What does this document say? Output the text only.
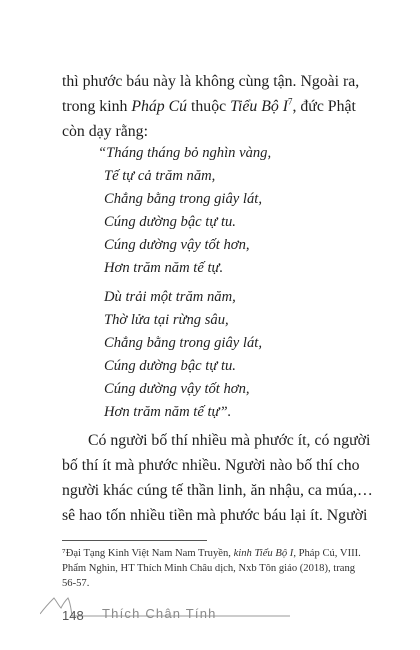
thì phước báu này là không cùng tận. Ngoài ra,
trong kinh Pháp Cú thuộc Tiểu Bộ $I^7$, đức Phật
còn dạy rằng:
“Tháng tháng bỏ nghìn vàng,
Tế tự cả trăm năm,
Chẳng bằng trong giây lát,
Cúng dường bậc tự tu.
Cúng dường vậy tốt hơn,
Hơn trăm năm tế tự.
Dù trải một trăm năm,
Thờ lửa tại rừng sâu,
Chẳng bằng trong giây lát,
Cúng dường bậc tự tu.
Cúng dường vậy tốt hơn,
Hơn trăm năm tế tự”.
Có người bố thí nhiều mà phước ít, có người
bố thí ít mà phước nhiều. Người nào bố thí cho
người khác cúng tế thần linh, ăn nhậu, ca múa,…
sê hao tốn nhiều tiền mà phước báu lại ít. Người
⁷Đại Tạng Kinh Việt Nam Nam Truyền, kinh Tiểu Bộ I, Pháp Cú, VIII.
Phẩm Nghìn, HT Thích Minh Châu dịch, Nxb Tôn giáo (2018), trang
56-57.
148 Thích Chân Tính
